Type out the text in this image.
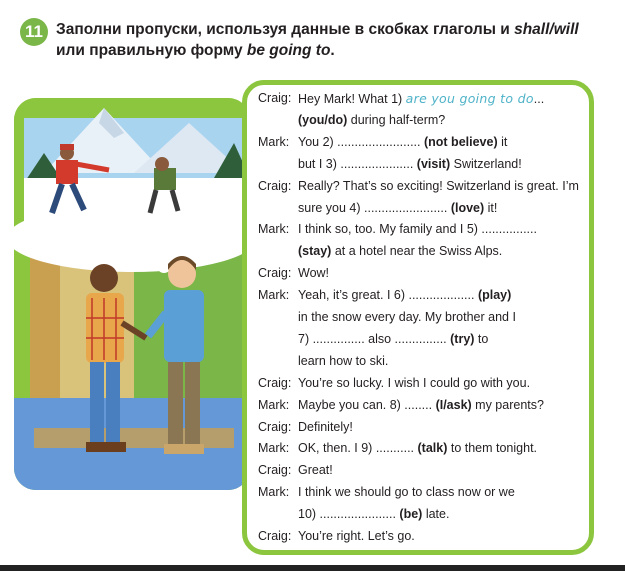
11 Заполни пропуски, используя данные в скобках глаголы и shall/will
или правильную форму be going to.
Craig: Hey Mark! What 1) are you going to do...
(you/do) during half-term?
Mark: You 2) ........................ (not believe) it
but I 3) ..................... (visit) Switzerland!
Craig: Really? That’s so exciting! Switzerland is great. I’m
sure you 4) ........................ (love) it!
Mark: I think so, too. My family and I 5) ................
(stay) at a hotel near the Swiss Alps.
Craig: Wow!
Mark: Yeah, it’s great. I 6) ................... (play)
in the snow every day. My brother and I
7) ............... also ............... (try) to
learn how to ski.
Craig: You’re so lucky. I wish I could go with you.
Mark: Maybe you can. 8) ........ (I/ask) my parents?
Craig: Definitely!
Mark: OK, then. I 9) ........... (talk) to them tonight.
Craig: Great!
Mark: I think we should go to class now or we
10) ...................... (be) late.
Craig: You’re right. Let’s go.
